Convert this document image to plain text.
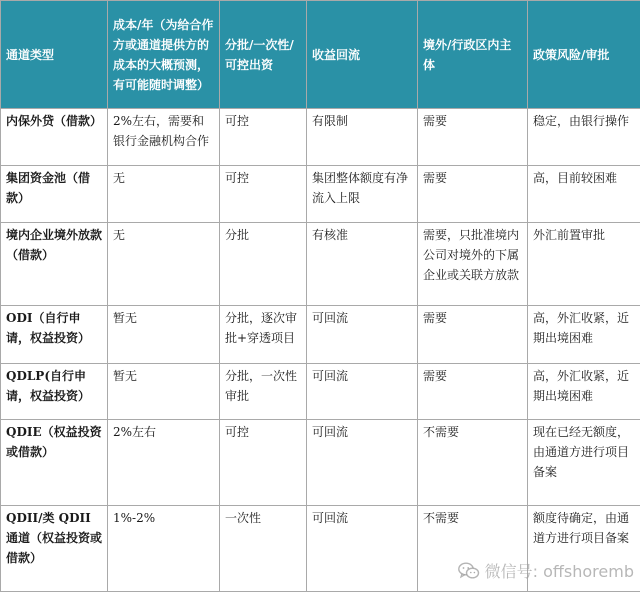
通道类型	成本/年（为给合作方或通道提供方的成本的大概预测，有可能随时调整）	分批/一次性/可控出资	收益回流	境外/行政区内主体	政策风险/审批
内保外贷（借款）	2%左右，需要和银行金融机构合作	可控	有限制	需要	稳定，由银行操作
集团资金池（借款）	无	可控	集团整体额度有净流入上限	需要	高，目前较困难
境内企业境外放款（借款）	无	分批	有核准	需要，只批准境内公司对境外的下属企业或关联方放款	外汇前置审批
ODI（自行申请，权益投资）	暂无	分批，逐次审批+穿透项目	可回流	需要	高，外汇收紧，近期出境困难
QDLP(自行申请，权益投资）	暂无	分批，一次性审批	可回流	需要	高，外汇收紧，近期出境困难
QDIE（权益投资或借款）	2%左右	可控	可回流	不需要	现在已经无额度，由通道方进行项目备案
QDII/类 QDII 通道（权益投资或借款）	1%-2%	一次性	可回流	不需要	额度待确定，由通道方进行项目备案
微信号: offshoremb
